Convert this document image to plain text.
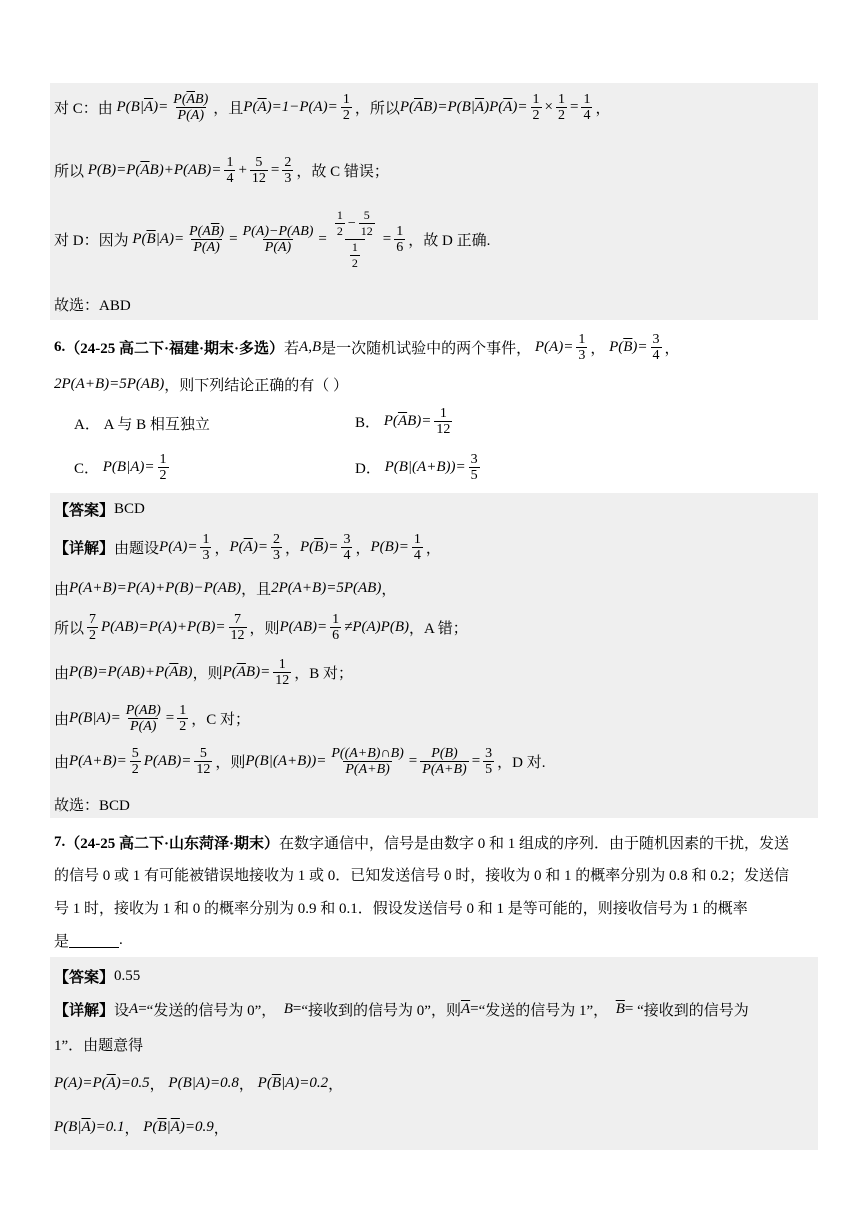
对 C：由 P(B| $\overline{A}$ )= $\frac{P(\overline{A}B)}{P(\overline{A})}$ ，且 P( $\overline{A}$ )$=1-P(A)= \frac{1}{2}$ ，所以 P( $\overline{A}$ B)=P(B| $\overline{A}$ )P( $\overline{A}$ )= $\frac{1}{2} \times \frac{1}{2} = \frac{1}{4}$ ，
所以 P(B)=P( $\overline{A}$ $B)+P(AB)= \frac{1}{4} + \frac{5}{12} = \frac{2}{3}$ ，故 C 错误；
对 D：因为 P( $\overline{B}$ $|A)= \frac{P(A\overline{B})}{P(A)} = \frac{P(A)-P(AB)}{P(A)} = \frac{\frac{1}{2} - \frac{5}{12}}{\frac{1}{2}} = \frac{1}{6}$ ，故 D 正确.
故选：ABD
6. （24-25 高二下·福建·期末·多选） 若 A,B 是一次随机试验中的两个事件， $P(A)= \frac{1}{3}$ ， P( $\overline{B}$ )= $\frac{3}{4}$ ，
2P(A+B)=5P(AB) ，则下列结论正确的有（ ）
A．
A 与 B 相互独立	B．
$P(\overline{A}B)= \frac{1}{12}$
C．
$P(B|A)= \frac{1}{2}$	D．
$P(B|(A+B))= \frac{3}{5}$
【答案】 BCD
【详解】 由题设 $P(A)= \frac{1}{3}$ ， P( $\overline{A}$ )= $\frac{2}{3}$ ， P( $\overline{B}$ )= $\frac{3}{4}$ ， $P(B)= \frac{1}{4}$ ，
由 P(A+B)=P(A)+P(B)−P(AB) ，且 2P(A+B)=5P(AB) ，
所以 $\frac{7}{2} P(AB)=P(A)+P(B)= \frac{7}{12}$ ，则 $P(AB)= \frac{1}{6} \ne P(A)P(B)$ ，A 错；
由 P(B)=P(AB)+P( $\overline{A}$ B) ，则 P( $\overline{A}$ $B)= \frac{1}{12}$ ，B 对；
由 $P(B|A)= \frac{P(AB)}{P(A)} = \frac{1}{2}$ ，C 对；
由 $P(A+B)= \frac{5}{2} P(AB)= \frac{5}{12}$ ，则 $P(B|(A+B))= \frac{P((A+B)\cap B)}{P(A+B)} = \frac{P(B)}{P(A+B)} = \frac{3}{5}$ ，D 对.
故选：BCD
7. （24-25 高二下·山东菏泽·期末） 在数字通信中，信号是由数字 0 和 1 组成的序列．由于随机因素的干扰，发送
的信号 0 或 1 有可能被错误地接收为 1 或 0．已知发送信号 0 时，接收为 0 和 1 的概率分别为 0.8 和 0.2；发送信
号 1 时，接收为 1 和 0 的概率分别为 0.9 和 0.1．假设发送信号 0 和 1 是等可能的，则接收信号为 1 的概率
是	.
【答案】 0.55
【详解】 设 A = “发送的信号为 0”，
B = “接收到的信号为 0”，则 $\overline{A}$ = “发送的信号为 1”，
$\overline{B}$ = “接收到的信号为
1”．由题意得
P(A)=P( $\overline{A}$ )=0.5 ， P(B|A)=0.8 ， P( $\overline{B}$ |A)=0.2 ，
P(B| $\overline{A}$ )=0.1 ， P( $\overline{B}$ | $\overline{A}$ )=0.9 ，
